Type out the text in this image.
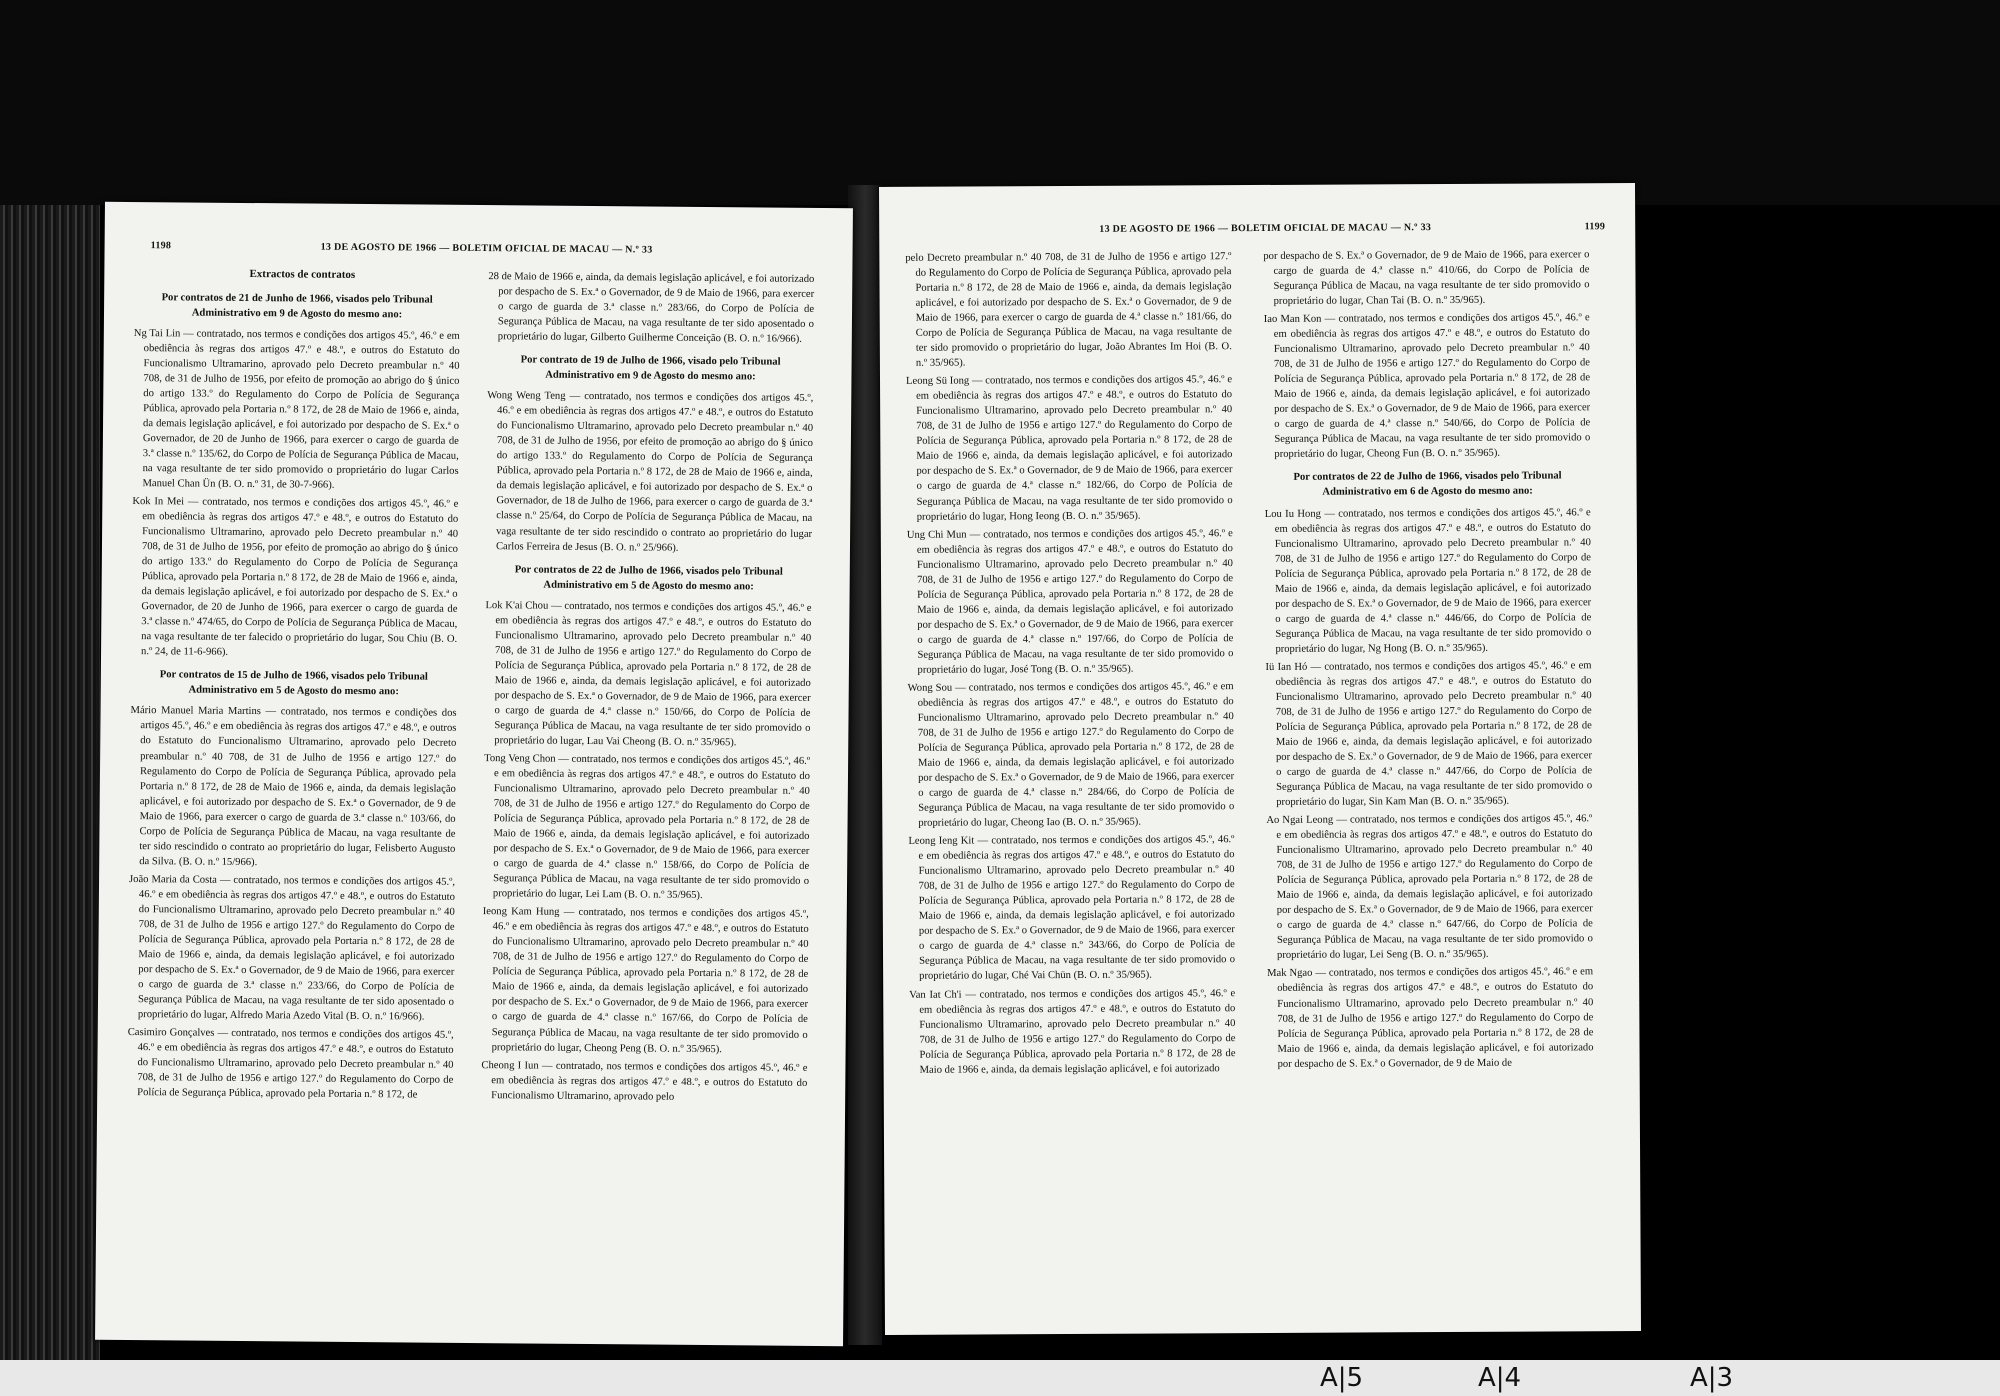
1198	13 DE AGOSTO DE 1966 — BOLETIM OFICIAL DE MACAU — N.º 33

Extractos de contratos

Por contratos de 21 de Junho de 1966, visados pelo Tribunal Administrativo em 9 de Agosto do mesmo ano:

Ng Tai Lin — contratado, nos termos e condições dos artigos 45.º, 46.º e em obediência às regras dos artigos 47.º e 48.º, e outros do Estatuto do Funcionalismo Ultramarino, aprovado pelo Decreto preambular n.º 40 708, de 31 de Julho de 1956, por efeito de promoção ao abrigo do § único do artigo 133.º do Regulamento do Corpo de Polícia de Segurança Pública, aprovado pela Portaria n.º 8 172, de 28 de Maio de 1966 e, ainda, da demais legislação aplicável, e foi autorizado por despacho de S. Ex.ª o Governador, de 20 de Junho de 1966, para exercer o cargo de guarda de 3.ª classe n.º 135/62, do Corpo de Polícia de Segurança Pública de Macau, na vaga resultante de ter sido promovido o proprietário do lugar Carlos Manuel Chan Ün (B. O. n.º 31, de 30-7-966).

Kok In Mei — contratado, nos termos e condições dos artigos 45.º, 46.º e em obediência às regras dos artigos 47.º e 48.º, e outros do Estatuto do Funcionalismo Ultramarino, aprovado pelo Decreto preambular n.º 40 708, de 31 de Julho de 1956, por efeito de promoção ao abrigo do § único do artigo 133.º do Regulamento do Corpo de Polícia de Segurança Pública, aprovado pela Portaria n.º 8 172, de 28 de Maio de 1966 e, ainda, da demais legislação aplicável, e foi autorizado por despacho de S. Ex.ª o Governador, de 20 de Junho de 1966, para exercer o cargo de guarda de 3.ª classe n.º 474/65, do Corpo de Polícia de Segurança Pública de Macau, na vaga resultante de ter falecido o proprietário do lugar, Sou Chiu (B. O. n.º 24, de 11-6-966).

Por contratos de 15 de Julho de 1966, visados pelo Tribunal Administrativo em 5 de Agosto do mesmo ano:

Mário Manuel Maria Martins — contratado, nos termos e condições dos artigos 45.º, 46.º e em obediência às regras dos artigos 47.º e 48.º, e outros do Estatuto do Funcionalismo Ultramarino, aprovado pelo Decreto preambular n.º 40 708, de 31 de Julho de 1956 e artigo 127.º do Regulamento do Corpo de Polícia de Segurança Pública, aprovado pela Portaria n.º 8 172, de 28 de Maio de 1966 e, ainda, da demais legislação aplicável, e foi autorizado por despacho de S. Ex.ª o Governador, de 9 de Maio de 1966, para exercer o cargo de guarda de 3.ª classe n.º 103/66, do Corpo de Polícia de Segurança Pública de Macau, na vaga resultante de ter sido rescindido o contrato ao proprietário do lugar, Felisberto Augusto da Silva. (B. O. n.º 15/966).

João Maria da Costa — contratado, nos termos e condições dos artigos 45.º, 46.º e em obediência às regras dos artigos 47.º e 48.º, e outros do Estatuto do Funcionalismo Ultramarino, aprovado pelo Decreto preambular n.º 40 708, de 31 de Julho de 1956 e artigo 127.º do Regulamento do Corpo de Polícia de Segurança Pública, aprovado pela Portaria n.º 8 172, de 28 de Maio de 1966 e, ainda, da demais legislação aplicável, e foi autorizado por despacho de S. Ex.ª o Governador, de 9 de Maio de 1966, para exercer o cargo de guarda de 3.ª classe n.º 233/66, do Corpo de Polícia de Segurança Pública de Macau, na vaga resultante de ter sido aposentado o proprietário do lugar, Alfredo Maria Azedo Vital (B. O. n.º 16/966).

Casimiro Gonçalves — contratado, nos termos e condições dos artigos 45.º, 46.º e em obediência às regras dos artigos 47.º e 48.º, e outros do Estatuto do Funcionalismo Ultramarino, aprovado pelo Decreto preambular n.º 40 708, de 31 de Julho de 1956 e artigo 127.º do Regulamento do Corpo de Polícia de Segurança Pública, aprovado pela Portaria n.º 8 172, de

28 de Maio de 1966 e, ainda, da demais legislação aplicável, e foi autorizado por despacho de S. Ex.ª o Governador, de 9 de Maio de 1966, para exercer o cargo de guarda de 3.ª classe n.º 283/66, do Corpo de Polícia de Segurança Pública de Macau, na vaga resultante de ter sido aposentado o proprietário do lugar, Gilberto Guilherme Conceição (B. O. n.º 16/966).

Por contrato de 19 de Julho de 1966, visado pelo Tribunal Administrativo em 9 de Agosto do mesmo ano:

Wong Weng Teng — contratado, nos termos e condições dos artigos 45.º, 46.º e em obediência às regras dos artigos 47.º e 48.º, e outros do Estatuto do Funcionalismo Ultramarino, aprovado pelo Decreto preambular n.º 40 708, de 31 de Julho de 1956, por efeito de promoção ao abrigo do § único do artigo 133.º do Regulamento do Corpo de Polícia de Segurança Pública, aprovado pela Portaria n.º 8 172, de 28 de Maio de 1966 e, ainda, da demais legislação aplicável, e foi autorizado por despacho de S. Ex.ª o Governador, de 18 de Julho de 1966, para exercer o cargo de guarda de 3.ª classe n.º 25/64, do Corpo de Polícia de Segurança Pública de Macau, na vaga resultante de ter sido rescindido o contrato ao proprietário do lugar Carlos Ferreira de Jesus (B. O. n.º 25/966).

Por contratos de 22 de Julho de 1966, visados pelo Tribunal Administrativo em 5 de Agosto do mesmo ano:

Lok K'ai Chou — contratado, nos termos e condições dos artigos 45.º, 46.º e em obediência às regras dos artigos 47.º e 48.º, e outros do Estatuto do Funcionalismo Ultramarino, aprovado pelo Decreto preambular n.º 40 708, de 31 de Julho de 1956 e artigo 127.º do Regulamento do Corpo de Polícia de Segurança Pública, aprovado pela Portaria n.º 8 172, de 28 de Maio de 1966 e, ainda, da demais legislação aplicável, e foi autorizado por despacho de S. Ex.ª o Governador, de 9 de Maio de 1966, para exercer o cargo de guarda de 4.ª classe n.º 150/66, do Corpo de Polícia de Segurança Pública de Macau, na vaga resultante de ter sido promovido o proprietário do lugar, Lau Vai Cheong (B. O. n.º 35/965).

Tong Veng Chon — contratado, nos termos e condições dos artigos 45.º, 46.º e em obediência às regras dos artigos 47.º e 48.º, e outros do Estatuto do Funcionalismo Ultramarino, aprovado pelo Decreto preambular n.º 40 708, de 31 de Julho de 1956 e artigo 127.º do Regulamento do Corpo de Polícia de Segurança Pública, aprovado pela Portaria n.º 8 172, de 28 de Maio de 1966 e, ainda, da demais legislação aplicável, e foi autorizado por despacho de S. Ex.ª o Governador, de 9 de Maio de 1966, para exercer o cargo de guarda de 4.ª classe n.º 158/66, do Corpo de Polícia de Segurança Pública de Macau, na vaga resultante de ter sido promovido o proprietário do lugar, Lei Lam (B. O. n.º 35/965).

Ieong Kam Hung — contratado, nos termos e condições dos artigos 45.º, 46.º e em obediência às regras dos artigos 47.º e 48.º, e outros do Estatuto do Funcionalismo Ultramarino, aprovado pelo Decreto preambular n.º 40 708, de 31 de Julho de 1956 e artigo 127.º do Regulamento do Corpo de Polícia de Segurança Pública, aprovado pela Portaria n.º 8 172, de 28 de Maio de 1966 e, ainda, da demais legislação aplicável, e foi autorizado por despacho de S. Ex.ª o Governador, de 9 de Maio de 1966, para exercer o cargo de guarda de 4.ª classe n.º 167/66, do Corpo de Polícia de Segurança Pública de Macau, na vaga resultante de ter sido promovido o proprietário do lugar, Cheong Peng (B. O. n.º 35/965).

Cheong I Iun — contratado, nos termos e condições dos artigos 45.º, 46.º e em obediência às regras dos artigos 47.º e 48.º, e outros do Estatuto do Funcionalismo Ultramarino, aprovado pelo

13 DE AGOSTO DE 1966 — BOLETIM OFICIAL DE MACAU — N.º 33	1199

pelo Decreto preambular n.º 40 708, de 31 de Julho de 1956 e artigo 127.º do Regulamento do Corpo de Polícia de Segurança Pública, aprovado pela Portaria n.º 8 172, de 28 de Maio de 1966 e, ainda, da demais legislação aplicável, e foi autorizado por despacho de S. Ex.ª o Governador, de 9 de Maio de 1966, para exercer o cargo de guarda de 4.ª classe n.º 181/66, do Corpo de Polícia de Segurança Pública de Macau, na vaga resultante de ter sido promovido o proprietário do lugar, João Abrantes Im Hoi (B. O. n.º 35/965).

Leong Sü Iong — contratado, nos termos e condições dos artigos 45.º, 46.º e em obediência às regras dos artigos 47.º e 48.º, e outros do Estatuto do Funcionalismo Ultramarino, aprovado pelo Decreto preambular n.º 40 708, de 31 de Julho de 1956 e artigo 127.º do Regulamento do Corpo de Polícia de Segurança Pública, aprovado pela Portaria n.º 8 172, de 28 de Maio de 1966 e, ainda, da demais legislação aplicável, e foi autorizado por despacho de S. Ex.ª o Governador, de 9 de Maio de 1966, para exercer o cargo de guarda de 4.ª classe n.º 182/66, do Corpo de Polícia de Segurança Pública de Macau, na vaga resultante de ter sido promovido o proprietário do lugar, Hong Ieong (B. O. n.º 35/965).

Ung Chi Mun — contratado, nos termos e condições dos artigos 45.º, 46.º e em obediência às regras dos artigos 47.º e 48.º, e outros do Estatuto do Funcionalismo Ultramarino, aprovado pelo Decreto preambular n.º 40 708, de 31 de Julho de 1956 e artigo 127.º do Regulamento do Corpo de Polícia de Segurança Pública, aprovado pela Portaria n.º 8 172, de 28 de Maio de 1966 e, ainda, da demais legislação aplicável, e foi autorizado por despacho de S. Ex.ª o Governador, de 9 de Maio de 1966, para exercer o cargo de guarda de 4.ª classe n.º 197/66, do Corpo de Polícia de Segurança Pública de Macau, na vaga resultante de ter sido promovido o proprietário do lugar, José Tong (B. O. n.º 35/965).

Wong Sou — contratado, nos termos e condições dos artigos 45.º, 46.º e em obediência às regras dos artigos 47.º e 48.º, e outros do Estatuto do Funcionalismo Ultramarino, aprovado pelo Decreto preambular n.º 40 708, de 31 de Julho de 1956 e artigo 127.º do Regulamento do Corpo de Polícia de Segurança Pública, aprovado pela Portaria n.º 8 172, de 28 de Maio de 1966 e, ainda, da demais legislação aplicável, e foi autorizado por despacho de S. Ex.ª o Governador, de 9 de Maio de 1966, para exercer o cargo de guarda de 4.ª classe n.º 284/66, do Corpo de Polícia de Segurança Pública de Macau, na vaga resultante de ter sido promovido o proprietário do lugar, Cheong Iao (B. O. n.º 35/965).

Leong Ieng Kit — contratado, nos termos e condições dos artigos 45.º, 46.º e em obediência às regras dos artigos 47.º e 48.º, e outros do Estatuto do Funcionalismo Ultramarino, aprovado pelo Decreto preambular n.º 40 708, de 31 de Julho de 1956 e artigo 127.º do Regulamento do Corpo de Polícia de Segurança Pública, aprovado pela Portaria n.º 8 172, de 28 de Maio de 1966 e, ainda, da demais legislação aplicável, e foi autorizado por despacho de S. Ex.ª o Governador, de 9 de Maio de 1966, para exercer o cargo de guarda de 4.ª classe n.º 343/66, do Corpo de Polícia de Segurança Pública de Macau, na vaga resultante de ter sido promovido o proprietário do lugar, Ché Vai Chün (B. O. n.º 35/965).

Van Iat Ch'i — contratado, nos termos e condições dos artigos 45.º, 46.º e em obediência às regras dos artigos 47.º e 48.º, e outros do Estatuto do Funcionalismo Ultramarino, aprovado pelo Decreto preambular n.º 40 708, de 31 de Julho de 1956 e artigo 127.º do Regulamento do Corpo de Polícia de Segurança Pública, aprovado pela Portaria n.º 8 172, de 28 de Maio de 1966 e, ainda, da demais legislação aplicável, e foi autorizado

por despacho de S. Ex.ª o Governador, de 9 de Maio de 1966, para exercer o cargo de guarda de 4.ª classe n.º 410/66, do Corpo de Polícia de Segurança Pública de Macau, na vaga resultante de ter sido promovido o proprietário do lugar, Chan Tai (B. O. n.º 35/965).

Iao Man Kon — contratado, nos termos e condições dos artigos 45.º, 46.º e em obediência às regras dos artigos 47.º e 48.º, e outros do Estatuto do Funcionalismo Ultramarino, aprovado pelo Decreto preambular n.º 40 708, de 31 de Julho de 1956 e artigo 127.º do Regulamento do Corpo de Polícia de Segurança Pública, aprovado pela Portaria n.º 8 172, de 28 de Maio de 1966 e, ainda, da demais legislação aplicável, e foi autorizado por despacho de S. Ex.ª o Governador, de 9 de Maio de 1966, para exercer o cargo de guarda de 4.ª classe n.º 540/66, do Corpo de Polícia de Segurança Pública de Macau, na vaga resultante de ter sido promovido o proprietário do lugar, Cheong Fun (B. O. n.º 35/965).

Por contratos de 22 de Julho de 1966, visados pelo Tribunal Administrativo em 6 de Agosto do mesmo ano:

Lou Iu Hong — contratado, nos termos e condições dos artigos 45.º, 46.º e em obediência às regras dos artigos 47.º e 48.º, e outros do Estatuto do Funcionalismo Ultramarino, aprovado pelo Decreto preambular n.º 40 708, de 31 de Julho de 1956 e artigo 127.º do Regulamento do Corpo de Polícia de Segurança Pública, aprovado pela Portaria n.º 8 172, de 28 de Maio de 1966 e, ainda, da demais legislação aplicável, e foi autorizado por despacho de S. Ex.ª o Governador, de 9 de Maio de 1966, para exercer o cargo de guarda de 4.ª classe n.º 446/66, do Corpo de Polícia de Segurança Pública de Macau, na vaga resultante de ter sido promovido o proprietário do lugar, Ng Hong (B. O. n.º 35/965).

Iü Ian Hó — contratado, nos termos e condições dos artigos 45.º, 46.º e em obediência às regras dos artigos 47.º e 48.º, e outros do Estatuto do Funcionalismo Ultramarino, aprovado pelo Decreto preambular n.º 40 708, de 31 de Julho de 1956 e artigo 127.º do Regulamento do Corpo de Polícia de Segurança Pública, aprovado pela Portaria n.º 8 172, de 28 de Maio de 1966 e, ainda, da demais legislação aplicável, e foi autorizado por despacho de S. Ex.ª o Governador, de 9 de Maio de 1966, para exercer o cargo de guarda de 4.ª classe n.º 447/66, do Corpo de Polícia de Segurança Pública de Macau, na vaga resultante de ter sido promovido o proprietário do lugar, Sin Kam Man (B. O. n.º 35/965).

Ao Ngai Leong — contratado, nos termos e condições dos artigos 45.º, 46.º e em obediência às regras dos artigos 47.º e 48.º, e outros do Estatuto do Funcionalismo Ultramarino, aprovado pelo Decreto preambular n.º 40 708, de 31 de Julho de 1956 e artigo 127.º do Regulamento do Corpo de Polícia de Segurança Pública, aprovado pela Portaria n.º 8 172, de 28 de Maio de 1966 e, ainda, da demais legislação aplicável, e foi autorizado por despacho de S. Ex.ª o Governador, de 9 de Maio de 1966, para exercer o cargo de guarda de 4.ª classe n.º 647/66, do Corpo de Polícia de Segurança Pública de Macau, na vaga resultante de ter sido promovido o proprietário do lugar, Lei Seng (B. O. n.º 35/965).

Mak Ngao — contratado, nos termos e condições dos artigos 45.º, 46.º e em obediência às regras dos artigos 47.º e 48.º, e outros do Estatuto do Funcionalismo Ultramarino, aprovado pelo Decreto preambular n.º 40 708, de 31 de Julho de 1956 e artigo 127.º do Regulamento do Corpo de Polícia de Segurança Pública, aprovado pela Portaria n.º 8 172, de 28 de Maio de 1966 e, ainda, da demais legislação aplicável, e foi autorizado por despacho de S. Ex.ª o Governador, de 9 de Maio de

A|5	A|4	A|3
